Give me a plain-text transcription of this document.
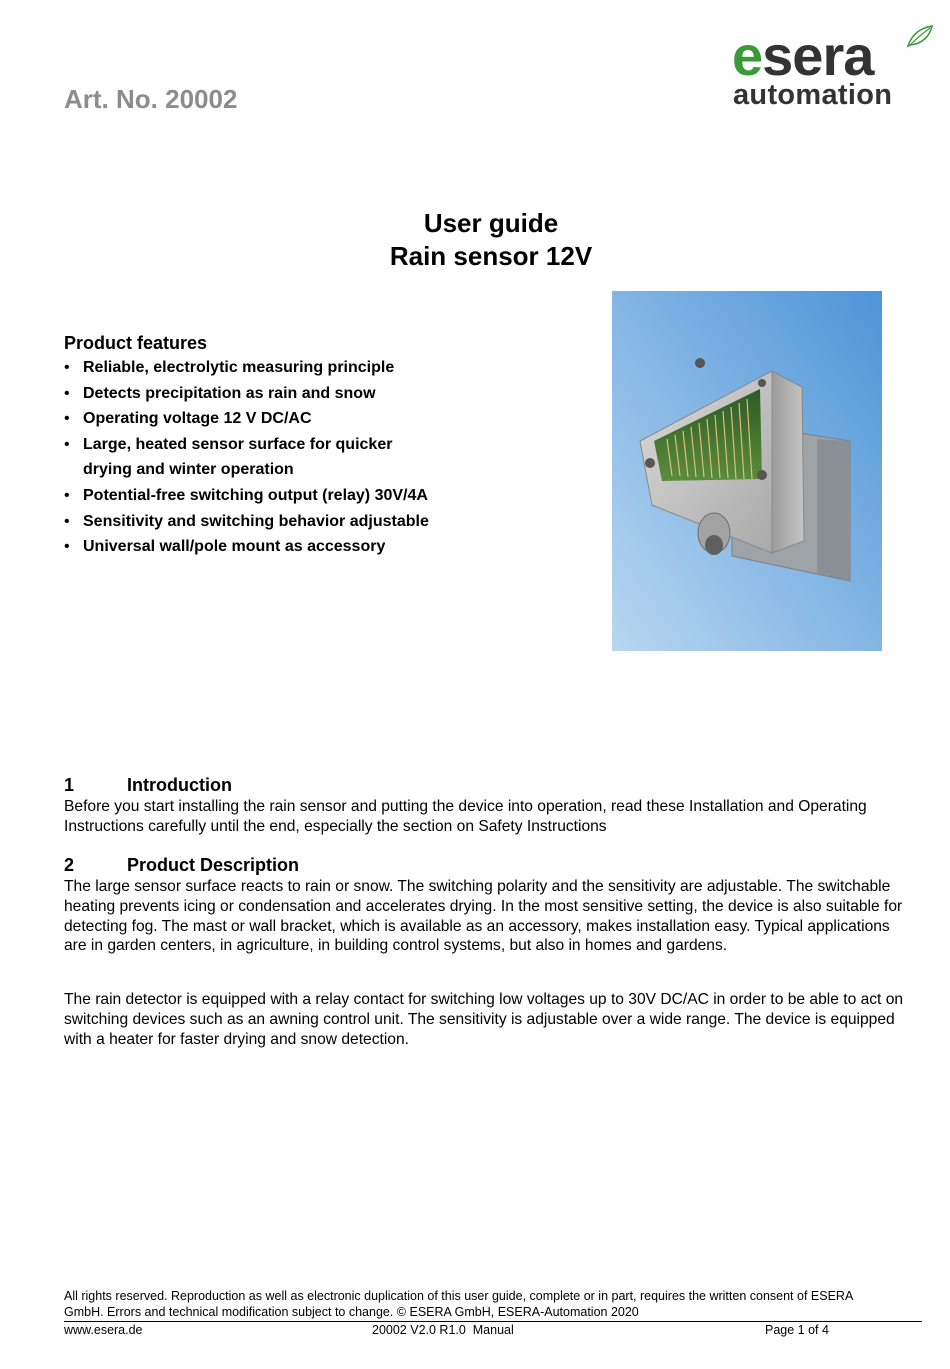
Art. No. 20002
esera
automation
User guide
Rain sensor 12V
Product features
• Reliable, electrolytic measuring principle
• Detects precipitation as rain and snow
• Operating voltage 12 V DC/AC
• Large, heated sensor surface for quicker drying and winter operation
• Potential-free switching output (relay) 30V/4A
• Sensitivity and switching behavior adjustable
• Universal wall/pole mount as accessory
1	Introduction
Before you start installing the rain sensor and putting the device into operation, read these Installation and Operating Instructions carefully until the end, especially the section on Safety Instructions
2	Product Description
The large sensor surface reacts to rain or snow. The switching polarity and the sensitivity are adjustable. The switchable heating prevents icing or condensation and accelerates drying. In the most sensitive setting, the device is also suitable for detecting fog. The mast or wall bracket, which is available as an accessory, makes installation easy. Typical applications are in garden centers, in agriculture, in building control systems, but also in homes and gardens.
The rain detector is equipped with a relay contact for switching low voltages up to 30V DC/AC in order to be able to act on switching devices such as an awning control unit. The sensitivity is adjustable over a wide range. The device is equipped with a heater for faster drying and snow detection.
All rights reserved. Reproduction as well as electronic duplication of this user guide, complete or in part, requires the written consent of ESERA GmbH. Errors and technical modification subject to change. © ESERA GmbH, ESERA-Automation 2020
www.esera.de	20002 V2.0 R1.0  Manual	Page 1 of 4
